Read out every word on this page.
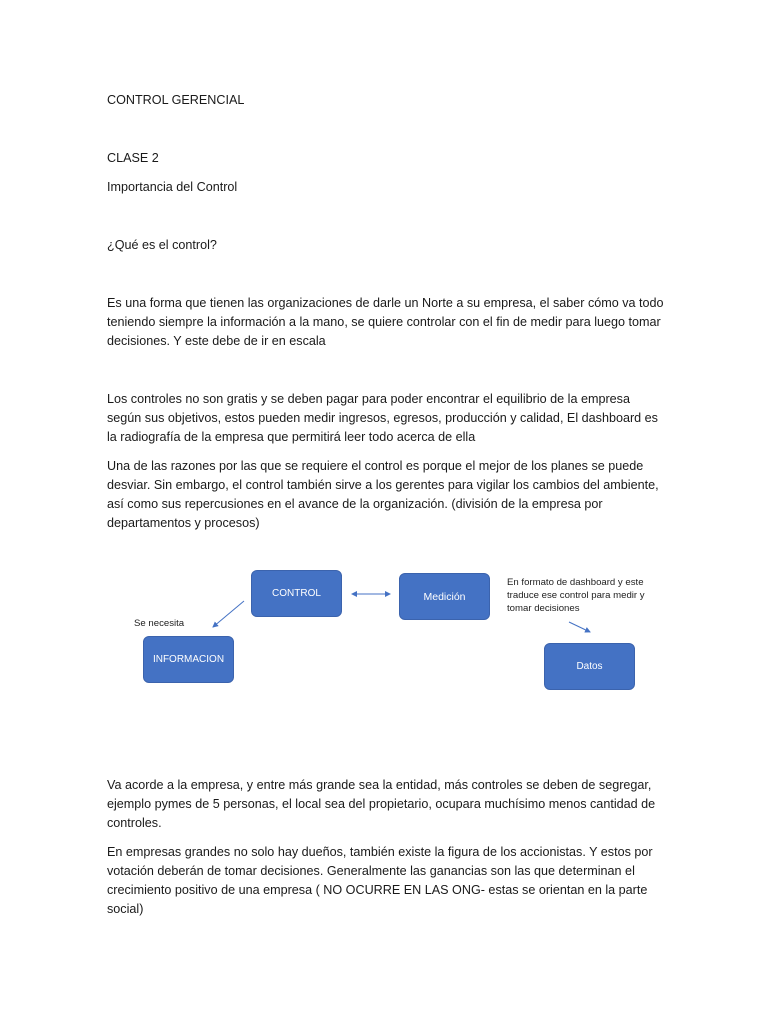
CONTROL GERENCIAL
CLASE 2
Importancia del Control
¿Qué es el control?
Es una forma que tienen las organizaciones de darle un Norte a su empresa, el saber cómo va todo teniendo siempre la información a la mano, se quiere controlar con el fin de medir para luego tomar decisiones. Y este debe de ir en escala
Los controles no son gratis y se deben pagar para poder encontrar el equilibrio de la empresa según sus objetivos, estos pueden medir ingresos, egresos, producción y calidad, El dashboard es la radiografía de la empresa que permitirá leer todo acerca de ella
Una de las razones por las que se requiere el control es porque el mejor de los planes se puede desviar. Sin embargo, el control también sirve a los gerentes para vigilar los cambios del ambiente, así como sus repercusiones en el avance de la organización. (división de la empresa por departamentos y procesos)
CONTROL	Medición
INFORMACION
Datos
Se necesita
En formato de dashboard y este traduce ese control para medir y tomar decisiones
Va acorde a la empresa, y entre más grande sea la entidad, más controles se deben de segregar, ejemplo pymes de 5 personas, el local sea del propietario, ocupara muchísimo menos cantidad de controles.
En empresas grandes no solo hay dueños, también existe la figura de los accionistas. Y estos por votación deberán de tomar decisiones. Generalmente las ganancias son las que determinan el crecimiento positivo de una empresa ( NO OCURRE EN LAS ONG- estas se orientan en la parte social)
